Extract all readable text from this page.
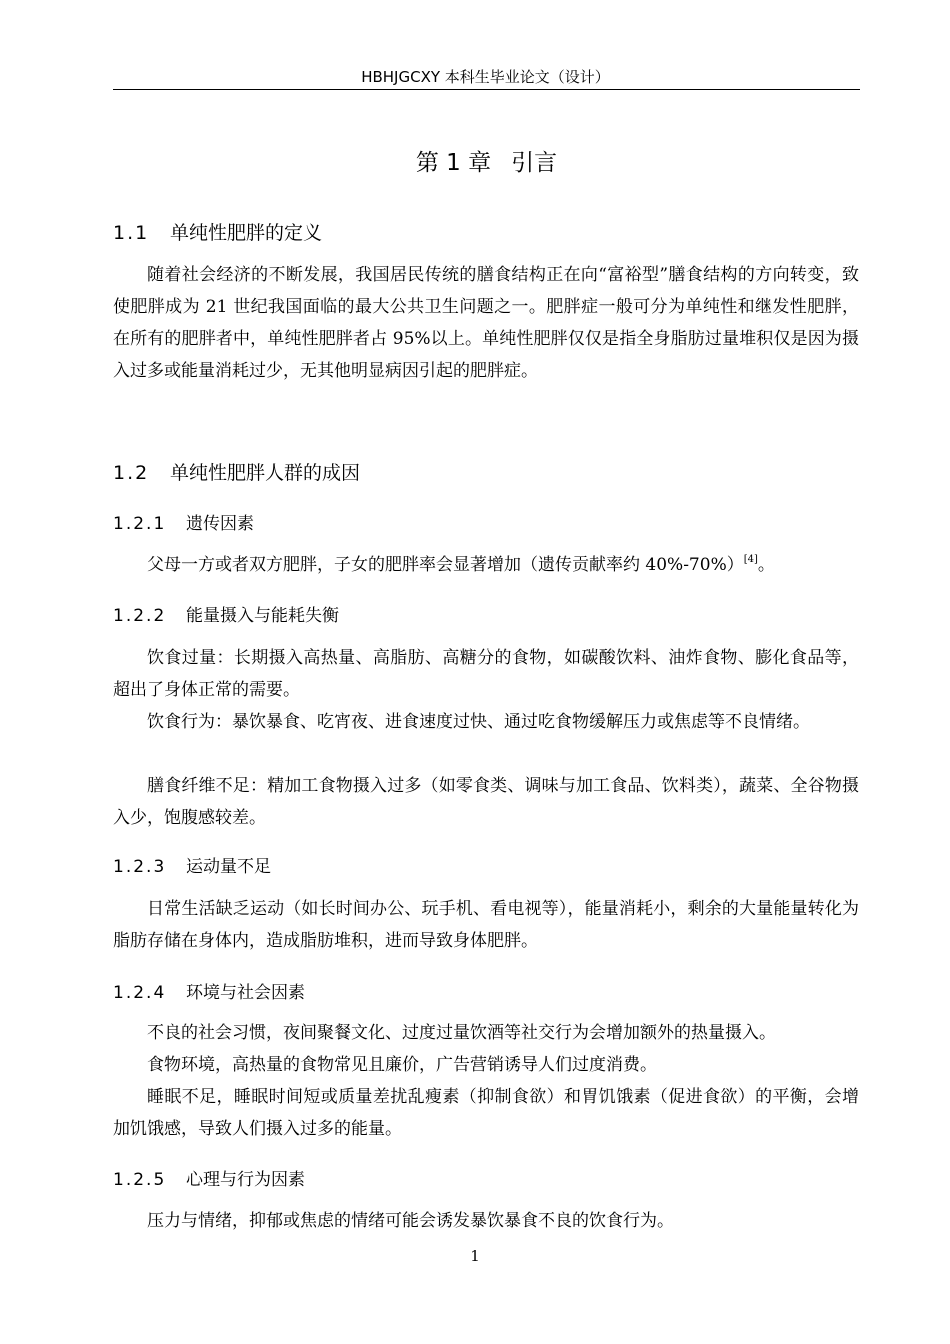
HBHJGCXY 本科生毕业论文（设计）
第 1 章 引言
1.1 单纯性肥胖的定义

随着社会经济的不断发展，我国居民传统的膳食结构正在向“富裕型”膳食结构的方向转变，致使肥胖成为 21 世纪我国面临的最大公共卫生问题之一。肥胖症一般可分为单纯性和继发性肥胖，在所有的肥胖者中，单纯性肥胖者占 95%以上。单纯性肥胖仅仅是指全身脂肪过量堆积仅是因为摄入过多或能量消耗过少，无其他明显病因引起的肥胖症。

1.2 单纯性肥胖人群的成因
1.2.1 遗传因素

父母一方或者双方肥胖，子女的肥胖率会显著增加（遗传贡献率约 40%-70%）[4]。

1.2.2 能量摄入与能耗失衡

饮食过量：长期摄入高热量、高脂肪、高糖分的食物，如碳酸饮料、油炸食物、膨化食品等，超出了身体正常的需要。

饮食行为：暴饮暴食、吃宵夜、进食速度过快、通过吃食物缓解压力或焦虑等不良情绪。

膳食纤维不足：精加工食物摄入过多（如零食类、调味与加工食品、饮料类），蔬菜、全谷物摄入少，饱腹感较差。

1.2.3 运动量不足

日常生活缺乏运动（如长时间办公、玩手机、看电视等），能量消耗小，剩余的大量能量转化为脂肪存储在身体内，造成脂肪堆积，进而导致身体肥胖。

1.2.4 环境与社会因素

不良的社会习惯，夜间聚餐文化、过度过量饮酒等社交行为会增加额外的热量摄入。

食物环境，高热量的食物常见且廉价，广告营销诱导人们过度消费。

睡眠不足，睡眠时间短或质量差扰乱瘦素（抑制食欲）和胃饥饿素（促进食欲）的平衡，会增加饥饿感，导致人们摄入过多的能量。

1.2.5 心理与行为因素

压力与情绪，抑郁或焦虑的情绪可能会诱发暴饮暴食不良的饮食行为。

1
